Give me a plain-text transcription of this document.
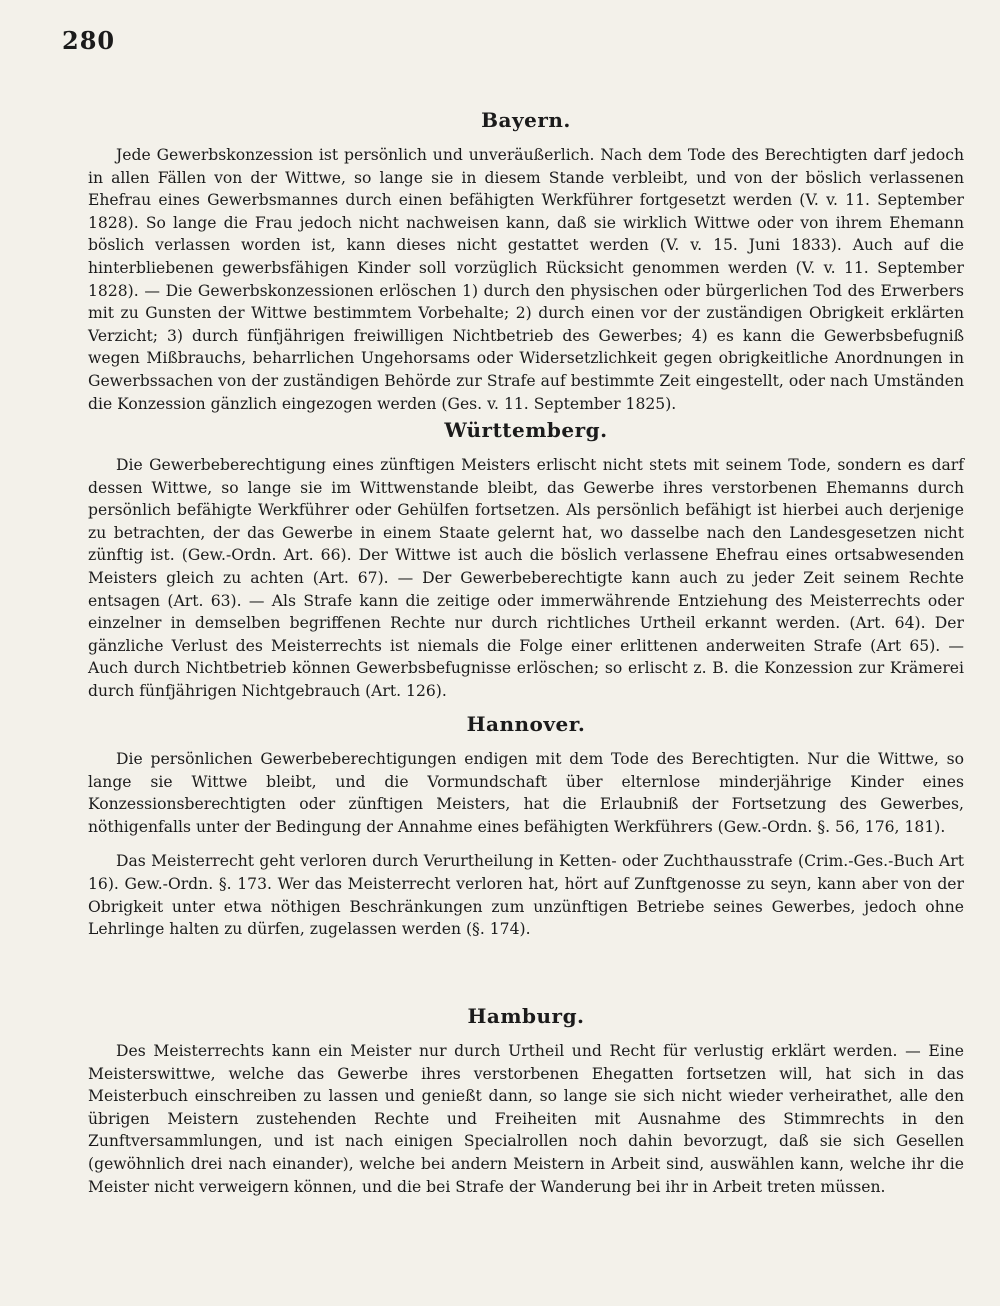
280
Bayern.

Jede Gewerbskonzession ist persönlich und unveräußerlich. Nach dem Tode des Berechtigten darf jedoch in allen Fällen von der Wittwe, so lange sie in diesem Stande verbleibt, und von der böslich verlassenen Ehefrau eines Gewerbsmannes durch einen befähigten Werkführer fortgesetzt werden (V. v. 11. September 1828). So lange die Frau jedoch nicht nachweisen kann, daß sie wirklich Wittwe oder von ihrem Ehemann böslich verlassen worden ist, kann dieses nicht gestattet werden (V. v. 15. Juni 1833). Auch auf die hinterbliebenen gewerbsfähigen Kinder soll vorzüglich Rücksicht genommen werden (V. v. 11. September 1828). — Die Gewerbskonzessionen erlöschen 1) durch den physischen oder bürgerlichen Tod des Erwerbers mit zu Gunsten der Wittwe bestimmtem Vorbehalte; 2) durch einen vor der zuständigen Obrigkeit erklärten Verzicht; 3) durch fünfjährigen freiwilligen Nichtbetrieb des Gewerbes; 4) es kann die Gewerbsbefugniß wegen Mißbrauchs, beharrlichen Ungehorsams oder Widersetzlichkeit gegen obrigkeitliche Anordnungen in Gewerbssachen von der zuständigen Behörde zur Strafe auf bestimmte Zeit eingestellt, oder nach Umständen die Konzession gänzlich eingezogen werden (Ges. v. 11. September 1825).

Württemberg.

Die Gewerbeberechtigung eines zünftigen Meisters erlischt nicht stets mit seinem Tode, sondern es darf dessen Wittwe, so lange sie im Wittwenstande bleibt, das Gewerbe ihres verstorbenen Ehemanns durch persönlich befähigte Werkführer oder Gehülfen fortsetzen. Als persönlich befähigt ist hierbei auch derjenige zu betrachten, der das Gewerbe in einem Staate gelernt hat, wo dasselbe nach den Landesgesetzen nicht zünftig ist. (Gew.-Ordn. Art. 66). Der Wittwe ist auch die böslich verlassene Ehefrau eines ortsabwesenden Meisters gleich zu achten (Art. 67). — Der Gewerbeberechtigte kann auch zu jeder Zeit seinem Rechte entsagen (Art. 63). — Als Strafe kann die zeitige oder immerwährende Entziehung des Meisterrechts oder einzelner in demselben begriffenen Rechte nur durch richtliches Urtheil erkannt werden. (Art. 64). Der gänzliche Verlust des Meisterrechts ist niemals die Folge einer erlittenen anderweiten Strafe (Art 65). — Auch durch Nichtbetrieb können Gewerbsbefugnisse erlöschen; so erlischt z. B. die Konzession zur Krämerei durch fünfjährigen Nichtgebrauch (Art. 126).

Hannover.

Die persönlichen Gewerbeberechtigungen endigen mit dem Tode des Berechtigten. Nur die Wittwe, so lange sie Wittwe bleibt, und die Vormundschaft über elternlose minderjährige Kinder eines Konzessionsberechtigten oder zünftigen Meisters, hat die Erlaubniß der Fortsetzung des Gewerbes, nöthigenfalls unter der Bedingung der Annahme eines befähigten Werkführers (Gew.-Ordn. §. 56, 176, 181).

Das Meisterrecht geht verloren durch Verurtheilung in Ketten- oder Zuchthausstrafe (Crim.-Ges.-Buch Art 16). Gew.-Ordn. §. 173. Wer das Meisterrecht verloren hat, hört auf Zunftgenosse zu seyn, kann aber von der Obrigkeit unter etwa nöthigen Beschränkungen zum unzünftigen Betriebe seines Gewerbes, jedoch ohne Lehrlinge halten zu dürfen, zugelassen werden (§. 174).

Hamburg.

Des Meisterrechts kann ein Meister nur durch Urtheil und Recht für verlustig erklärt werden. — Eine Meisterswittwe, welche das Gewerbe ihres verstorbenen Ehegatten fortsetzen will, hat sich in das Meisterbuch einschreiben zu lassen und genießt dann, so lange sie sich nicht wieder verheirathet, alle den übrigen Meistern zustehenden Rechte und Freiheiten mit Ausnahme des Stimmrechts in den Zunftversammlungen, und ist nach einigen Specialrollen noch dahin bevorzugt, daß sie sich Gesellen (gewöhnlich drei nach einander), welche bei andern Meistern in Arbeit sind, auswählen kann, welche ihr die Meister nicht verweigern können, und die bei Strafe der Wanderung bei ihr in Arbeit treten müssen.
